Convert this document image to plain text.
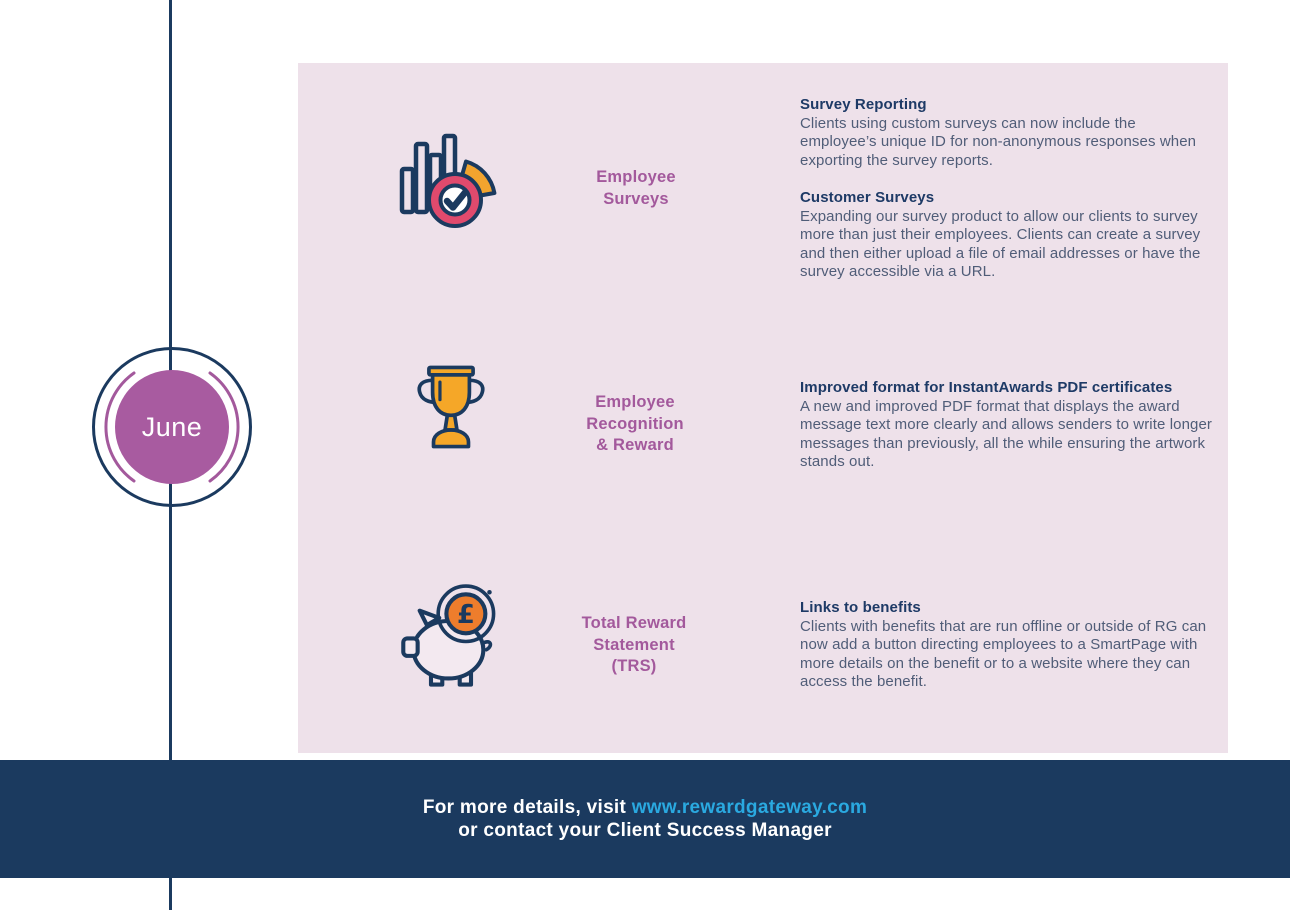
June
Employee
Surveys
Survey Reporting
Clients using custom surveys can now include the employee’s unique ID for non-anonymous responses when exporting the survey reports.
Customer Surveys
Expanding our survey product to allow our clients to survey more than just their employees. Clients can create a survey and then either upload a file of email addresses or have the survey accessible via a URL.
Employee
Recognition
& Reward
Improved format for InstantAwards PDF certificates
A new and improved PDF format that displays the award message text more clearly and allows senders to write longer messages than previously, all the while ensuring the artwork stands out.
£	Total Reward
Statement
(TRS)
Links to benefits
Clients with benefits that are run offline or outside of RG can now add a button directing employees to a SmartPage with more details on the benefit or to a website where they can access the benefit.
For more details, visit www.rewardgateway.com
or contact your Client Success Manager
